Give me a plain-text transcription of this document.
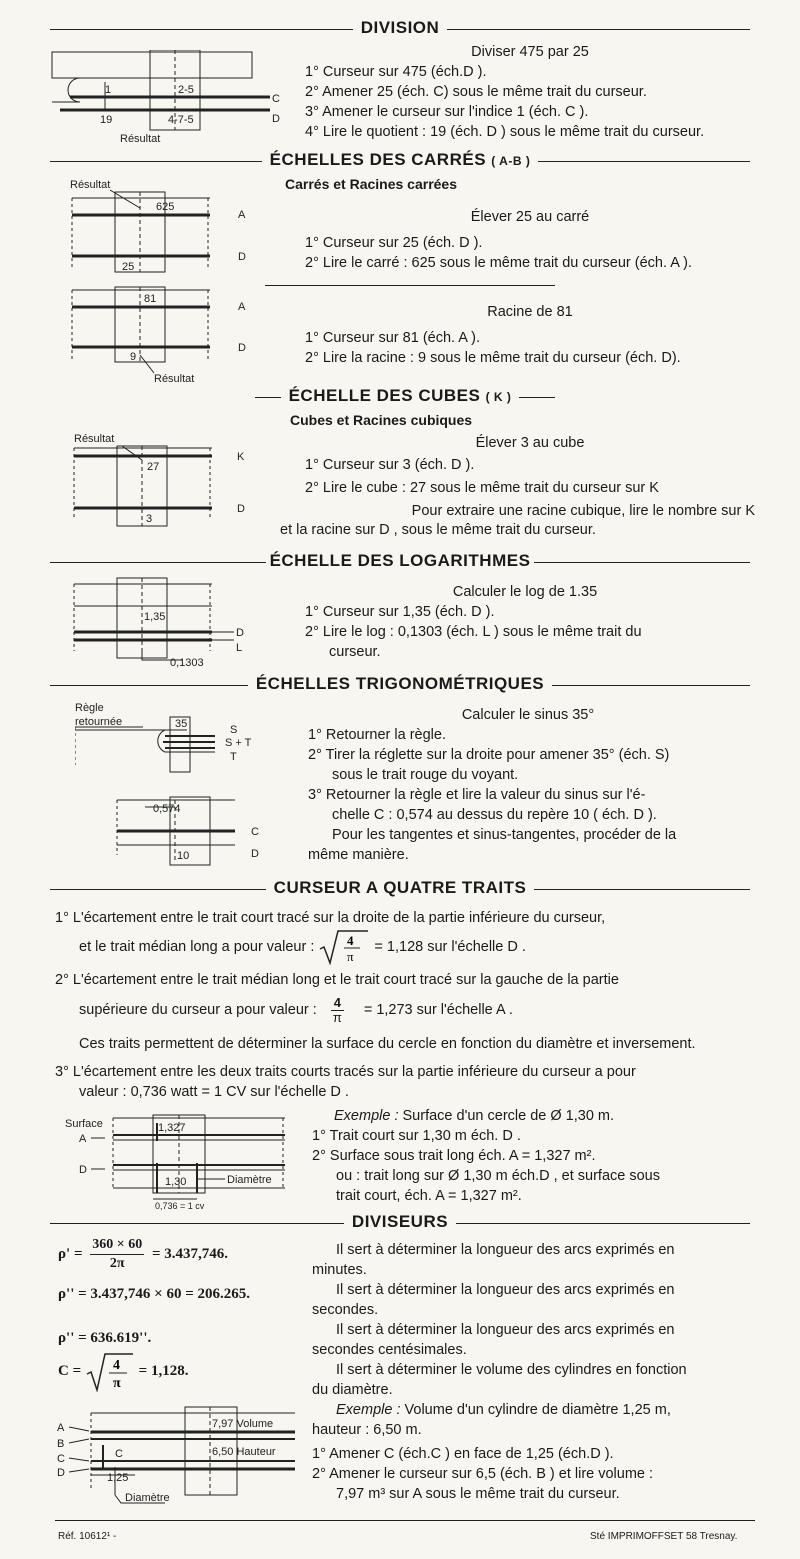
DIVISION
1	2-5
19	4-7-5
Résultat
C
D
Diviser 475 par 25
1° Curseur sur 475 (éch.D ).
2° Amener 25 (éch. C) sous le même trait du curseur.
3° Amener le curseur sur l'indice 1 (éch. C ).
4° Lire le quotient : 19 (éch. D ) sous le même trait du curseur.
ÉCHELLES DES CARRÉS ( A-B )
Carrés et Racines carrées
Résultat
625
25
A
D
Élever 25 au carré
1° Curseur sur 25 (éch. D ).
2° Lire le carré : 625 sous le même trait du curseur (éch. A ).
81
9
Résultat
A
D
Racine de 81
1° Curseur sur 81 (éch. A ).
2° Lire la racine : 9 sous le même trait du curseur (éch. D).
ÉCHELLE DES CUBES ( K )
Cubes et Racines cubiques
Résultat
27
3
K
D
Élever 3 au cube
1° Curseur sur 3 (éch. D ).
2° Lire le cube : 27 sous le même trait du curseur sur K
Pour extraire une racine cubique, lire le nombre sur K
et la racine sur D , sous le même trait du curseur.
ÉCHELLE DES LOGARITHMES
1,35
0,1303
D
L
Calculer le log de 1.35
1° Curseur sur 1,35 (éch. D ).
2° Lire le log : 0,1303 (éch. L ) sous le même trait du
curseur.
ÉCHELLES TRIGONOMÉTRIQUES
Règle
retournée	35	S
S + T
T
0,574
10
C
D
Calculer le sinus 35°
1° Retourner la règle.
2° Tirer la réglette sur la droite pour amener 35° (éch. S)
sous le trait rouge du voyant.
3° Retourner la règle et lire la valeur du sinus sur l'é-
chelle C : 0,574 au dessus du repère 10 ( éch. D ).
Pour les tangentes et sinus-tangentes, procéder de la
même manière.
CURSEUR A QUATRE TRAITS
1° L'écartement entre le trait court tracé sur la droite de la partie inférieure du curseur,
et le trait médian long a pour valeur :	4
π
= 1,128 sur l'échelle D .
2° L'écartement entre le trait médian long et le trait court tracé sur la gauche de la partie
supérieure du curseur a pour valeur : $\frac{4}{\pi} = 1,273$ sur l'échelle A .
Ces traits permettent de déterminer la surface du cercle en fonction du diamètre et inversement.
3° L'écartement entre les deux traits courts tracés sur la partie inférieure du curseur a pour
valeur : 0,736 watt = 1 CV sur l'échelle D .
Surface
A
D
1,327
1,30	Diamètre
0,736 = 1 cv
Exemple : Surface d'un cercle de Ø 1,30 m.
1° Trait court sur 1,30 m éch. D .
2° Surface sous trait long éch. A = 1,327 m².
ou : trait long sur Ø 1,30 m éch.D , et surface sous
trait court, éch. A = 1,327 m².
DIVISEURS
$\rho' = \frac{360 \times 60}{2\pi} = 3.437,746$.
ρ'' = 3.437,746 × 60 = 206.265.
ρ'' = 636.619''.
C = 4
π
= 1,128.
Il sert à déterminer la longueur des arcs exprimés en
minutes.
Il sert à déterminer la longueur des arcs exprimés en
secondes.
Il sert à déterminer la longueur des arcs exprimés en
secondes centésimales.
Il sert à déterminer le volume des cylindres en fonction
du diamètre.
Exemple : Volume d'un cylindre de diamètre 1,25 m,
hauteur : 6,50 m.
1° Amener C (éch.C ) en face de 1,25 (éch.D ).
2° Amener le curseur sur 6,5 (éch. B ) et lire volume :
7,97 m³ sur A sous le même trait du curseur.
A
B
C
D
C
7,97 Volume
6,50 Hauteur
1,25
Diamètre
Réf. 10612¹ -	Sté IMPRIMOFFSET 58 Tresnay.
